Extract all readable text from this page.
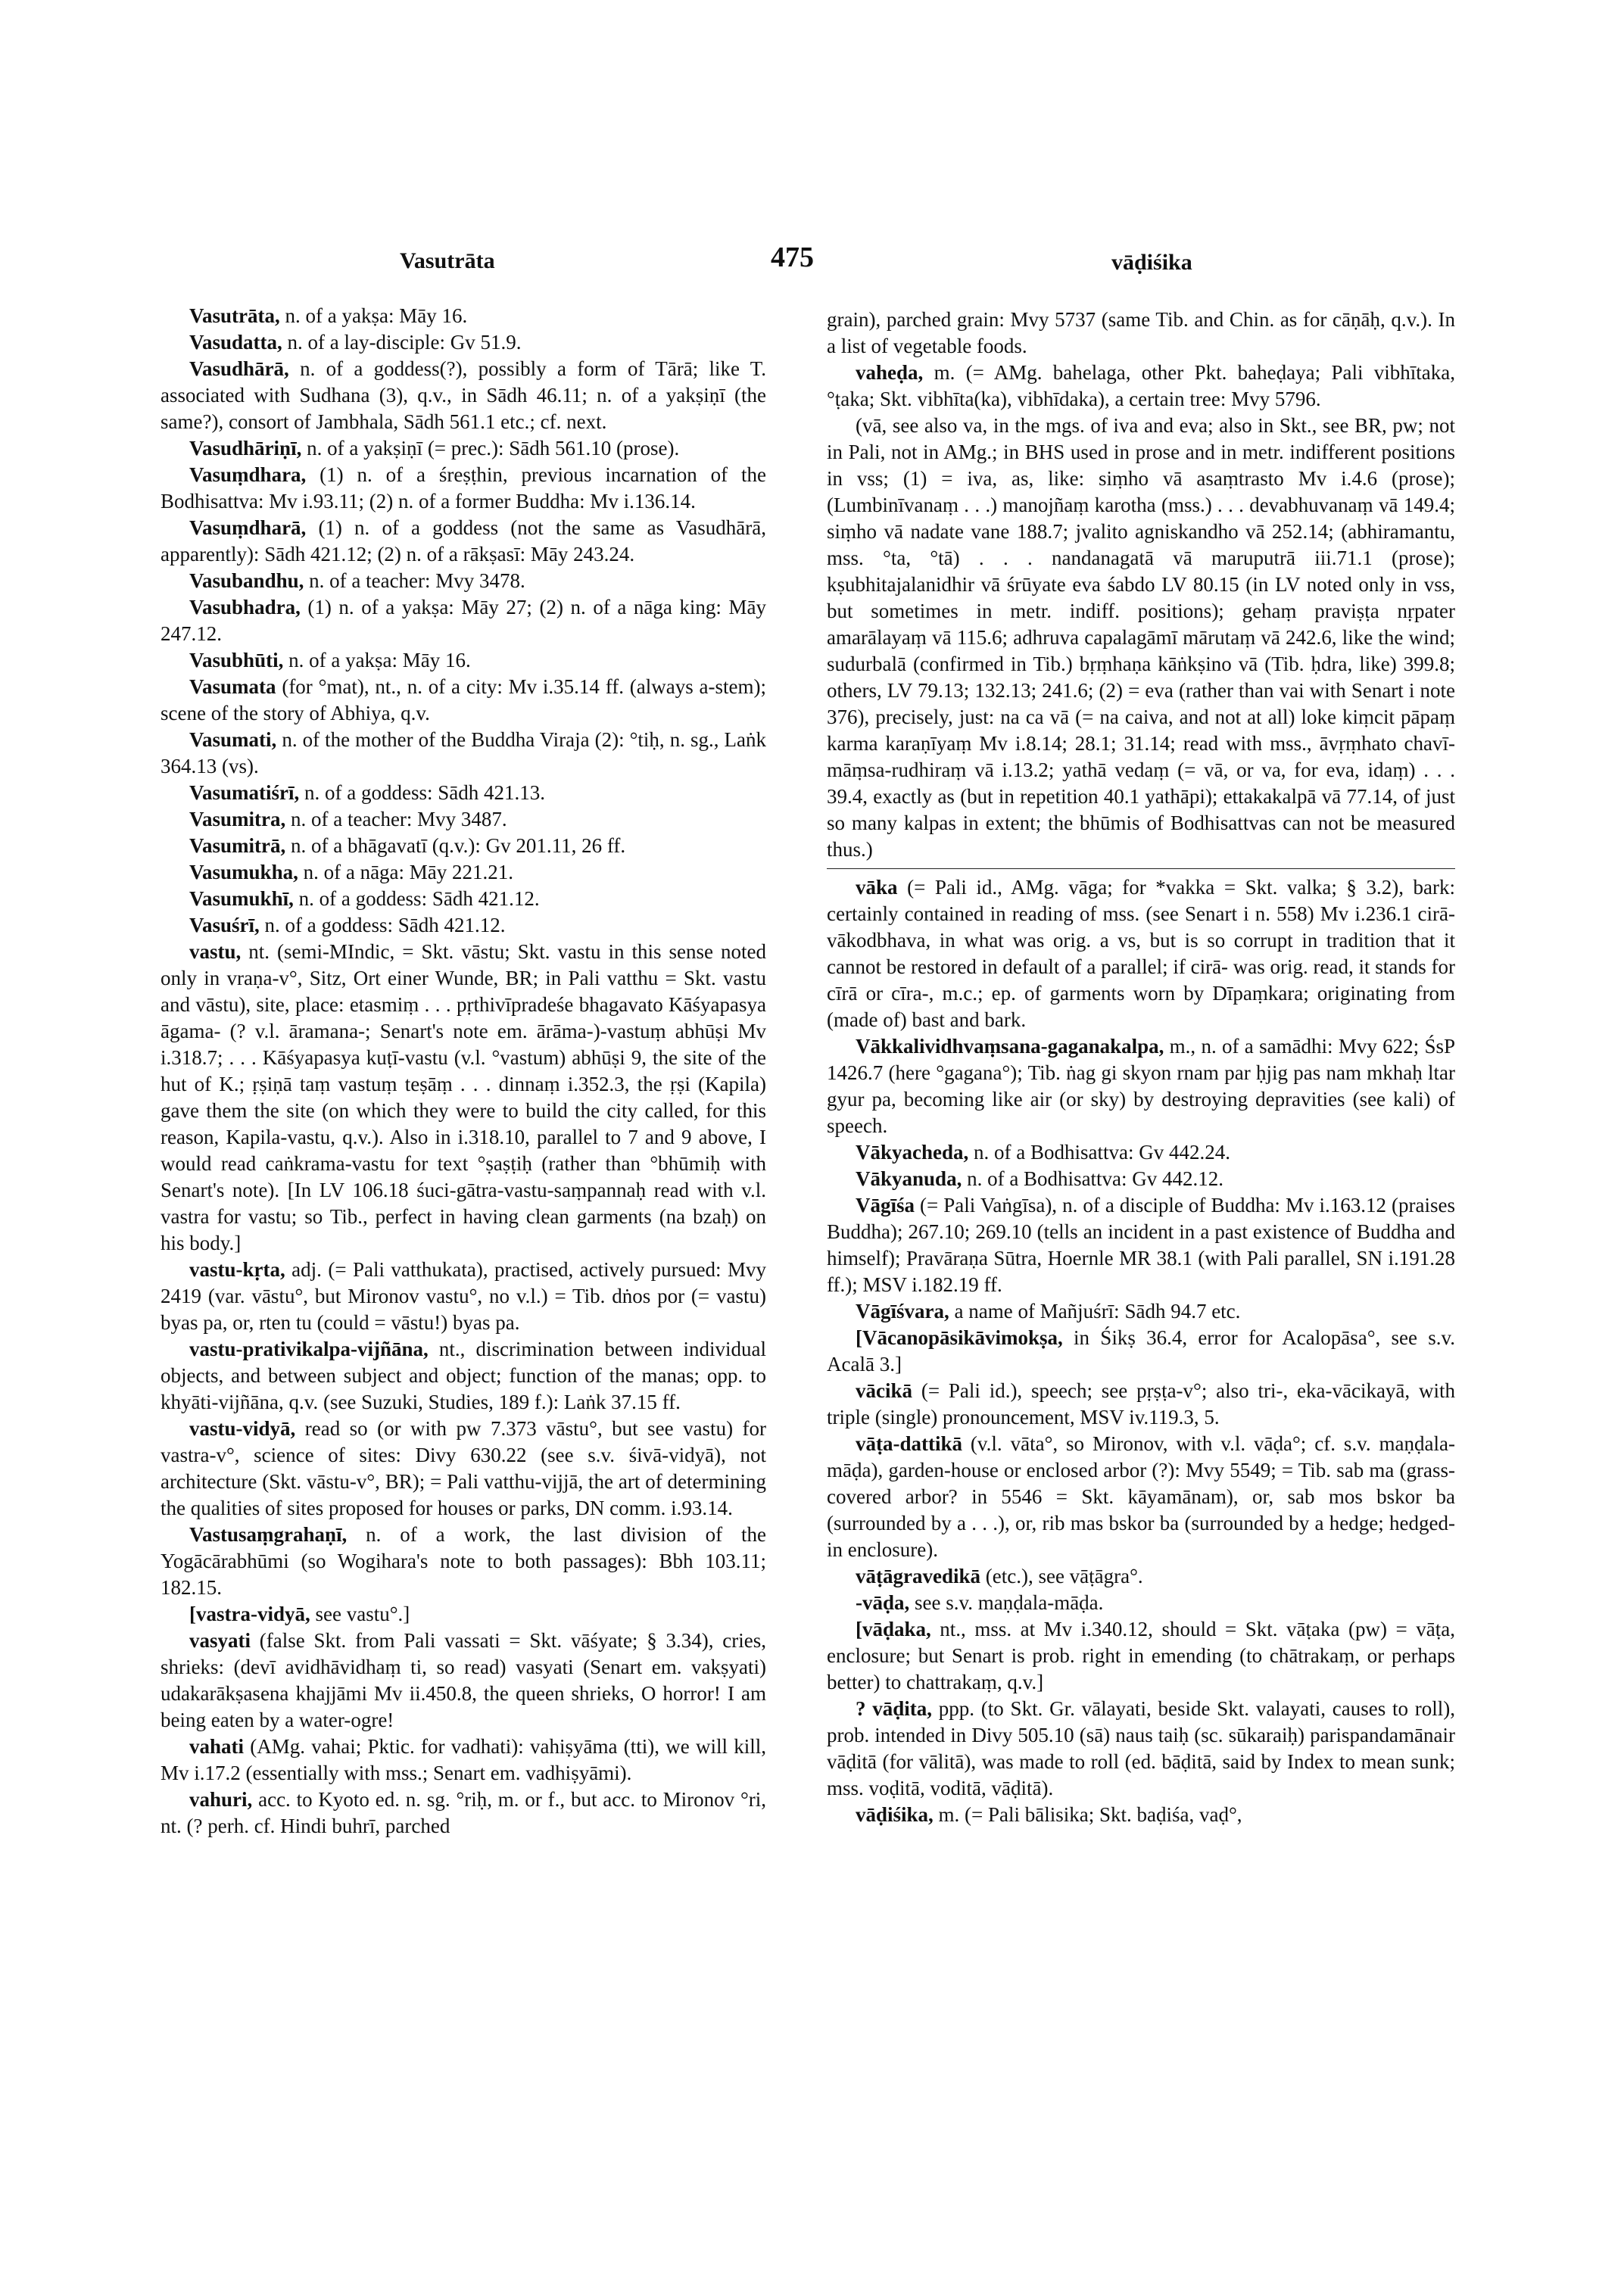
Vasutrāta	475	vāḍiśika

Vasutrāta, n. of a yakṣa: Māy 16.

Vasudatta, n. of a lay-disciple: Gv 51.9.

Vasudhārā, n. of a goddess(?), possibly a form of Tārā; like T. associated with Sudhana (3), q.v., in Sādh 46.11; n. of a yakṣiṇī (the same?), consort of Jambhala, Sādh 561.1 etc.; cf. next.

Vasudhāriṇī, n. of a yakṣiṇī (= prec.): Sādh 561.10 (prose).

Vasuṃdhara, (1) n. of a śreṣṭhin, previous incarnation of the Bodhisattva: Mv i.93.11; (2) n. of a former Buddha: Mv i.136.14.

Vasuṃdharā, (1) n. of a goddess (not the same as Vasudhārā, apparently): Sādh 421.12; (2) n. of a rākṣasī: Māy 243.24.

Vasubandhu, n. of a teacher: Mvy 3478.

Vasubhadra, (1) n. of a yakṣa: Māy 27; (2) n. of a nāga king: Māy 247.12.

Vasubhūti, n. of a yakṣa: Māy 16.

Vasumata (for °mat), nt., n. of a city: Mv i.35.14 ff. (always a-stem); scene of the story of Abhiya, q.v.

Vasumati, n. of the mother of the Buddha Viraja (2): °tiḥ, n. sg., Laṅk 364.13 (vs).

Vasumatiśrī, n. of a goddess: Sādh 421.13.

Vasumitra, n. of a teacher: Mvy 3487.

Vasumitrā, n. of a bhāgavatī (q.v.): Gv 201.11, 26 ff.

Vasumukha, n. of a nāga: Māy 221.21.

Vasumukhī, n. of a goddess: Sādh 421.12.

Vasuśrī, n. of a goddess: Sādh 421.12.

vastu, nt. (semi-MIndic, = Skt. vāstu; Skt. vastu in this sense noted only in vraṇa-v°, Sitz, Ort einer Wunde, BR; in Pali vatthu = Skt. vastu and vāstu), site, place: etasmiṃ . . . pṛthivīpradeśe bhagavato Kāśyapasya āgama- (? v.l. āramana-; Senart's note em. ārāma-)-vastuṃ abhūṣi Mv i.318.7; . . . Kāśyapasya kuṭī-vastu (v.l. °vastum) abhūṣi 9, the site of the hut of K.; ṛṣiṇā taṃ vastuṃ teṣāṃ . . . dinnaṃ i.352.3, the ṛṣi (Kapila) gave them the site (on which they were to build the city called, for this reason, Kapila-vastu, q.v.). Also in i.318.10, parallel to 7 and 9 above, I would read caṅkrama-vastu for text °ṣaṣṭiḥ (rather than °bhūmiḥ with Senart's note). [In LV 106.18 śuci-gātra-vastu-saṃpannaḥ read with v.l. vastra for vastu; so Tib., perfect in having clean garments (na bzaḥ) on his body.]

vastu-kṛta, adj. (= Pali vatthukata), practised, actively pursued: Mvy 2419 (var. vāstu°, but Mironov vastu°, no v.l.) = Tib. dṅos por (= vastu) byas pa, or, rten tu (could = vāstu!) byas pa.

vastu-prativikalpa-vijñāna, nt., discrimination between individual objects, and between subject and object; function of the manas; opp. to khyāti-vijñāna, q.v. (see Suzuki, Studies, 189 f.): Laṅk 37.15 ff.

vastu-vidyā, read so (or with pw 7.373 vāstu°, but see vastu) for vastra-v°, science of sites: Divy 630.22 (see s.v. śivā-vidyā), not architecture (Skt. vāstu-v°, BR); = Pali vatthu-vijjā, the art of determining the qualities of sites proposed for houses or parks, DN comm. i.93.14.

Vastusaṃgrahaṇī, n. of a work, the last division of the Yogācārabhūmi (so Wogihara's note to both passages): Bbh 103.11; 182.15.

[vastra-vidyā, see vastu°.]

vasyati (false Skt. from Pali vassati = Skt. vāśyate; § 3.34), cries, shrieks: (devī avidhāvidhaṃ ti, so read) vasyati (Senart em. vakṣyati) udakarākṣasena khajjāmi Mv ii.450.8, the queen shrieks, O horror! I am being eaten by a water-ogre!

vahati (AMg. vahai; Pktic. for vadhati): vahiṣyāma (tti), we will kill, Mv i.17.2 (essentially with mss.; Senart em. vadhiṣyāmi).

vahuri, acc. to Kyoto ed. n. sg. °riḥ, m. or f., but acc. to Mironov °ri, nt. (? perh. cf. Hindi buhrī, parched

grain), parched grain: Mvy 5737 (same Tib. and Chin. as for cāṇāḥ, q.v.). In a list of vegetable foods.

vaheḍa, m. (= AMg. bahelaga, other Pkt. baheḍaya; Pali vibhītaka, °ṭaka; Skt. vibhīta(ka), vibhīdaka), a certain tree: Mvy 5796.

(vā, see also va, in the mgs. of iva and eva; also in Skt., see BR, pw; not in Pali, not in AMg.; in BHS used in prose and in metr. indifferent positions in vss; (1) = iva, as, like: siṃho vā asaṃtrasto Mv i.4.6 (prose); (Lumbinīvanaṃ . . .) manojñaṃ karotha (mss.) . . . devabhuvanaṃ vā 149.4; siṃho vā nadate vane 188.7; jvalito agniskandho vā 252.14; (abhiramantu, mss. °ta, °tā) . . . nandanagatā vā maruputrā iii.71.1 (prose); kṣubhitajalanidhir vā śrūyate eva śabdo LV 80.15 (in LV noted only in vss, but sometimes in metr. indiff. positions); gehaṃ praviṣṭa nṛpater amarālayaṃ vā 115.6; adhruva capalagāmī mārutaṃ vā 242.6, like the wind; sudurbalā (confirmed in Tib.) bṛṃhaṇa kāṅkṣino vā (Tib. ḥdra, like) 399.8; others, LV 79.13; 132.13; 241.6; (2) = eva (rather than vai with Senart i note 376), precisely, just: na ca vā (= na caiva, and not at all) loke kiṃcit pāpaṃ karma karaṇīyaṃ Mv i.8.14; 28.1; 31.14; read with mss., āvṛṃhato chavī-māṃsa-rudhiraṃ vā i.13.2; yathā vedaṃ (= vā, or va, for eva, idaṃ) . . . 39.4, exactly as (but in repetition 40.1 yathāpi); ettakakalpā vā 77.14, of just so many kalpas in extent; the bhūmis of Bodhisattvas can not be measured thus.)

vāka (= Pali id., AMg. vāga; for *vakka = Skt. valka; § 3.2), bark: certainly contained in reading of mss. (see Senart i n. 558) Mv i.236.1 cirā-vākodbhava, in what was orig. a vs, but is so corrupt in tradition that it cannot be restored in default of a parallel; if cirā- was orig. read, it stands for cīrā or cīra-, m.c.; ep. of garments worn by Dīpaṃkara; originating from (made of) bast and bark.

Vākkalividhvaṃsana-gaganakalpa, m., n. of a samādhi: Mvy 622; ŚsP 1426.7 (here °gagana°); Tib. ṅag gi skyon rnam par ḥjig pas nam mkhaḥ ltar gyur pa, becoming like air (or sky) by destroying depravities (see kali) of speech.

Vākyacheda, n. of a Bodhisattva: Gv 442.24.

Vākyanuda, n. of a Bodhisattva: Gv 442.12.

Vāgīśa (= Pali Vaṅgīsa), n. of a disciple of Buddha: Mv i.163.12 (praises Buddha); 267.10; 269.10 (tells an incident in a past existence of Buddha and himself); Pravāraṇa Sūtra, Hoernle MR 38.1 (with Pali parallel, SN i.191.28 ff.); MSV i.182.19 ff.

Vāgīśvara, a name of Mañjuśrī: Sādh 94.7 etc.

[Vācanopāsikāvimokṣa, in Śikṣ 36.4, error for Acalopāsa°, see s.v. Acalā 3.]

vācikā (= Pali id.), speech; see pṛṣṭa-v°; also tri-, eka-vācikayā, with triple (single) pronouncement, MSV iv.119.3, 5.

vāṭa-dattikā (v.l. vāta°, so Mironov, with v.l. vāḍa°; cf. s.v. maṇḍala-māḍa), garden-house or enclosed arbor (?): Mvy 5549; = Tib. sab ma (grass-covered arbor? in 5546 = Skt. kāyamānam), or, sab mos bskor ba (surrounded by a . . .), or, rib mas bskor ba (surrounded by a hedge; hedged-in enclosure).

vāṭāgravedikā (etc.), see vāṭāgra°.

-vāḍa, see s.v. maṇḍala-māḍa.

[vāḍaka, nt., mss. at Mv i.340.12, should = Skt. vāṭaka (pw) = vāṭa, enclosure; but Senart is prob. right in emending (to chātrakaṃ, or perhaps better) to chattrakaṃ, q.v.]

? vāḍita, ppp. (to Skt. Gr. vālayati, beside Skt. valayati, causes to roll), prob. intended in Divy 505.10 (sā) naus taiḥ (sc. sūkaraiḥ) parispandamānair vāḍitā (for vālitā), was made to roll (ed. bāḍitā, said by Index to mean sunk; mss. voḍitā, voditā, vāḍitā).

vāḍiśika, m. (= Pali bālisika; Skt. baḍiśa, vaḍ°,
